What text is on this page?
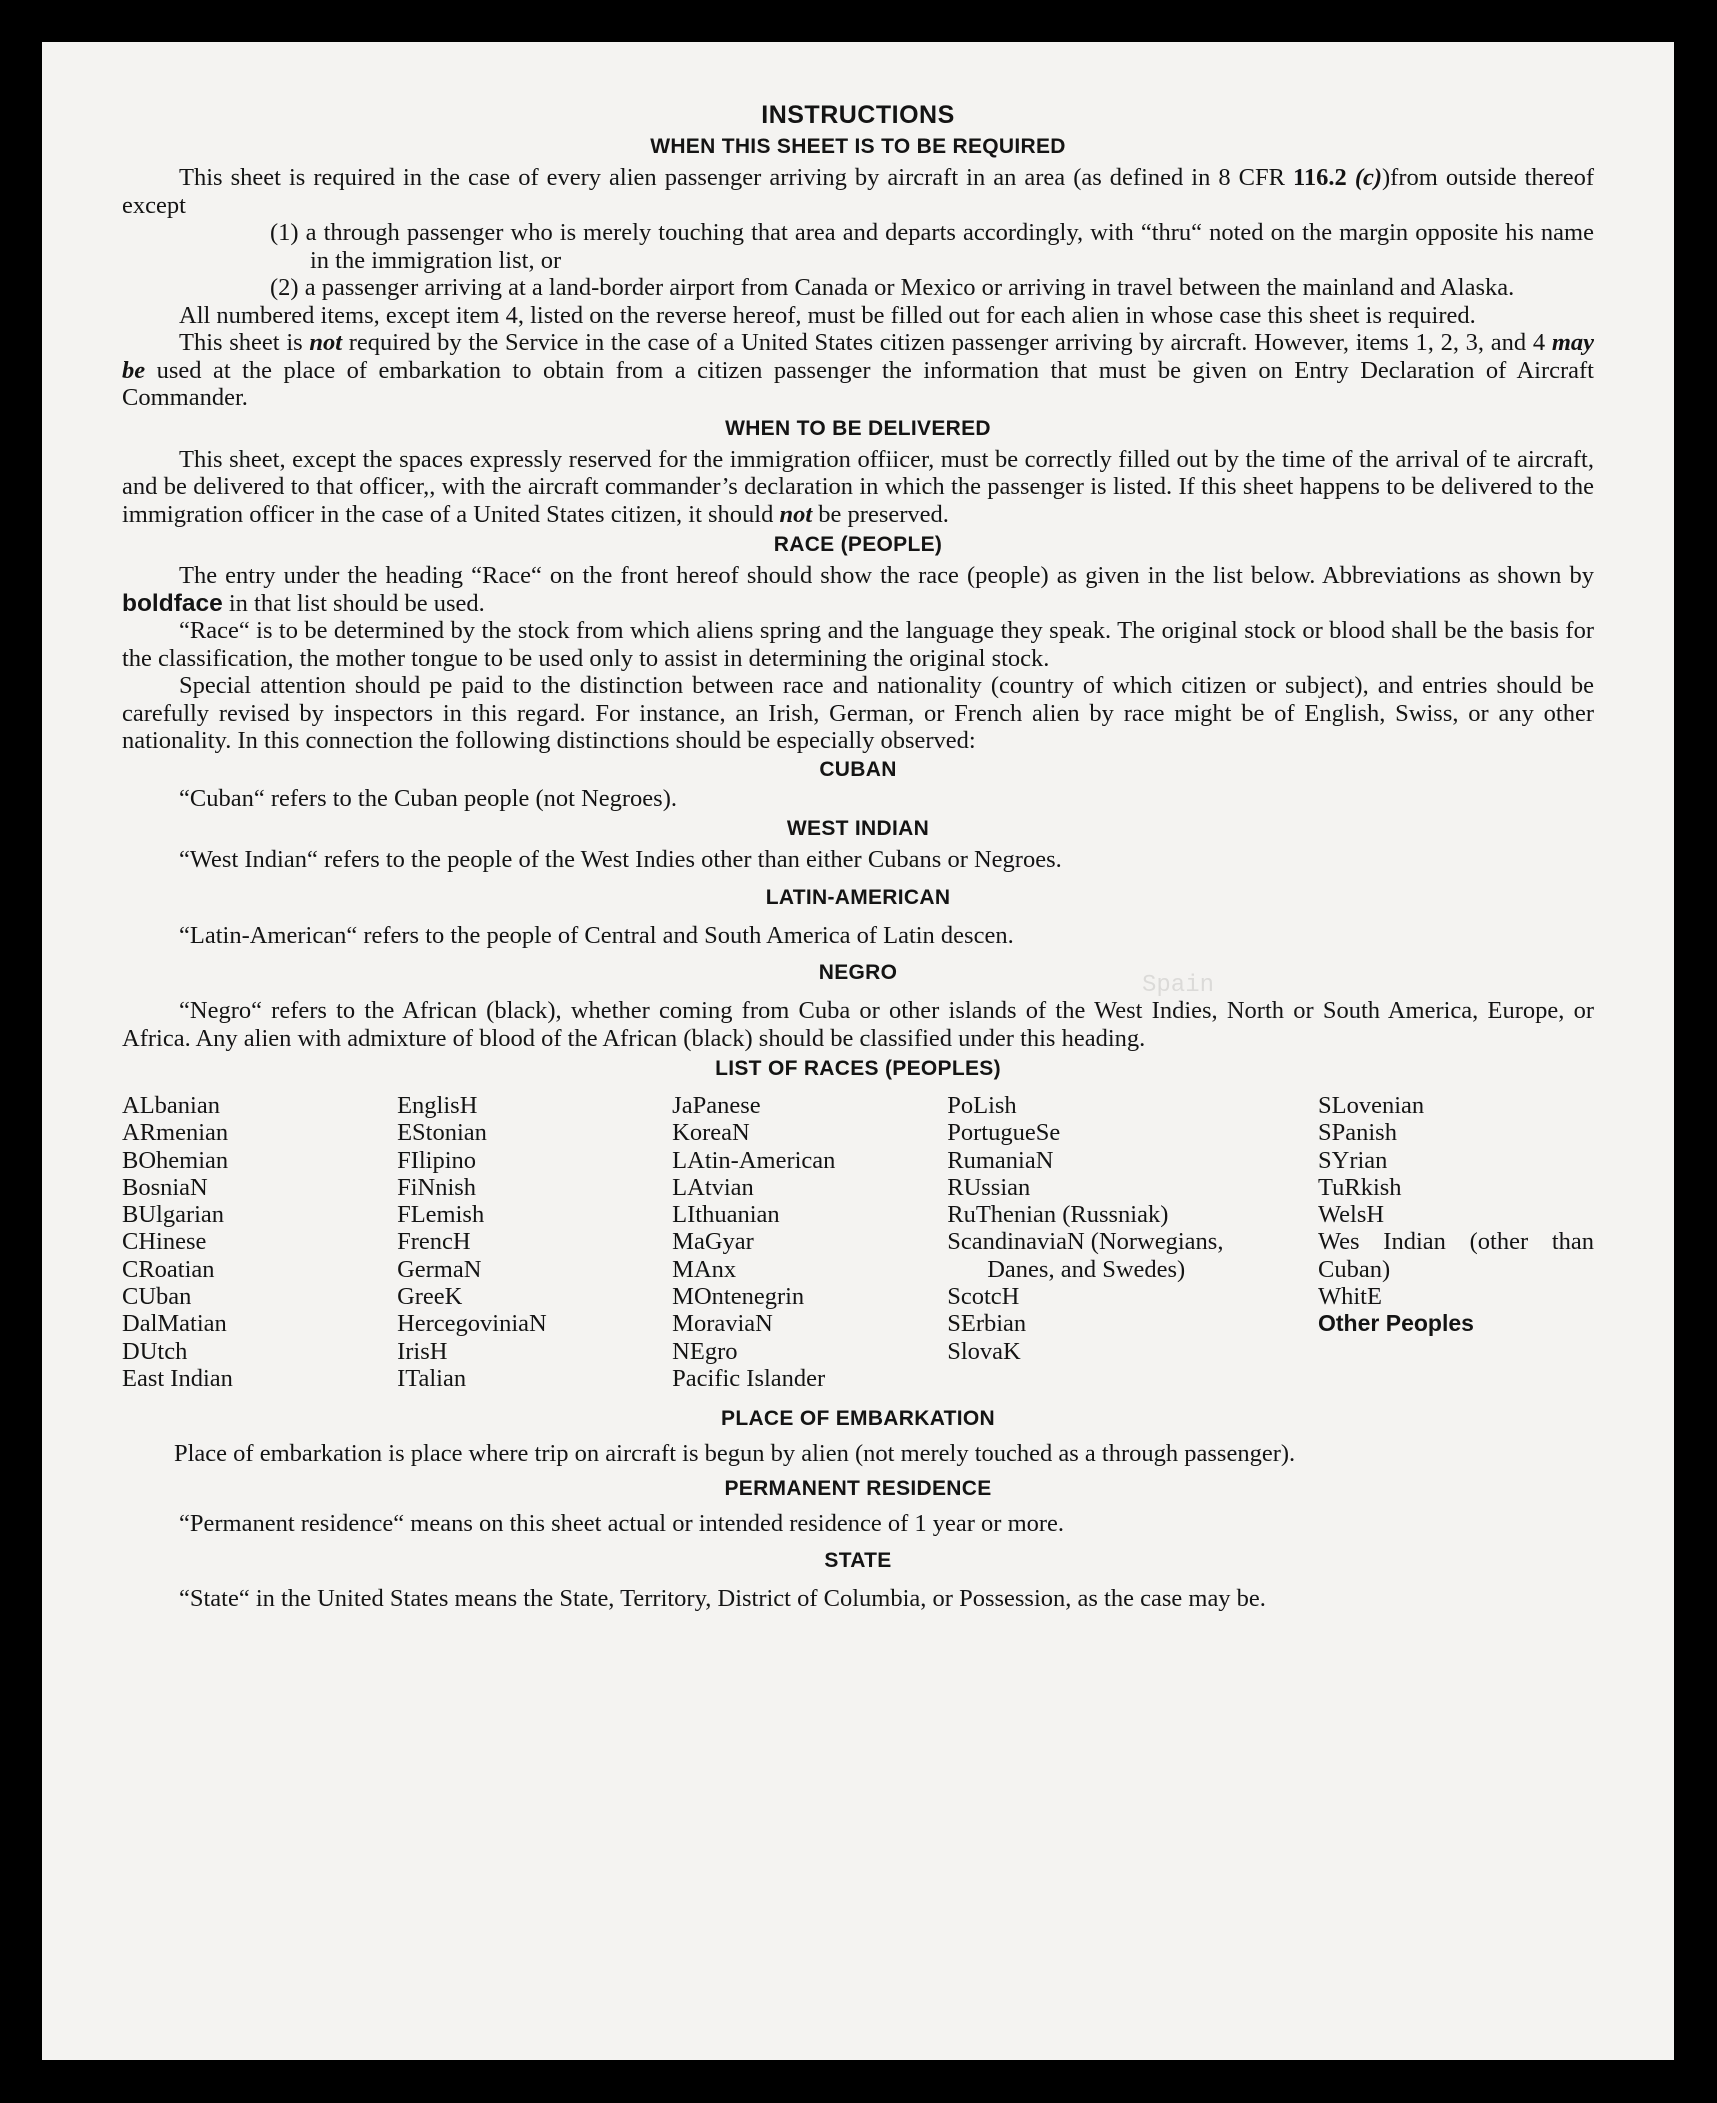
Spain
INSTRUCTIONS
WHEN THIS SHEET IS TO BE REQUIRED

This sheet is required in the case of every alien passenger arriving by aircraft in an area (as defined in 8 CFR 116.2 (c))from outside thereof except

(1) a through passenger who is merely touching that area and departs accordingly, with “thru“ noted on the margin opposite his name in the immigration list, or
(2) a passenger arriving at a land-border airport from Canada or Mexico or arriving in travel between the mainland and Alaska.

All numbered items, except item 4, listed on the reverse hereof, must be filled out for each alien in whose case this sheet is required.

This sheet is not required by the Service in the case of a United States citizen passenger arriving by aircraft. However, items 1, 2, 3, and 4 may be used at the place of embarkation to obtain from a citizen passenger the information that must be given on Entry Declaration of Aircraft Commander.

WHEN TO BE DELIVERED

This sheet, except the spaces expressly reserved for the immigration offiicer, must be correctly filled out by the time of the arrival of te aircraft, and be delivered to that officer,, with the aircraft commander’s declaration in which the passenger is listed. If this sheet happens to be delivered to the immigration officer in the case of a United States citizen, it should not be preserved.

RACE (PEOPLE)

The entry under the heading “Race“ on the front hereof should show the race (people) as given in the list below. Abbreviations as shown by boldface in that list should be used.

“Race“ is to be determined by the stock from which aliens spring and the language they speak. The original stock or blood shall be the basis for the classification, the mother tongue to be used only to assist in determining the original stock.

Special attention should pe paid to the distinction between race and nationality (country of which citizen or subject), and entries should be carefully revised by inspectors in this regard. For instance, an Irish, German, or French alien by race might be of English, Swiss, or any other nationality. In this connection the following distinctions should be especially observed:

CUBAN

“Cuban“ refers to the Cuban people (not Negroes).

WEST INDIAN

“West Indian“ refers to the people of the West Indies other than either Cubans or Negroes.

LATIN-AMERICAN

“Latin-American“ refers to the people of Central and South America of Latin descen.

NEGRO

“Negro“ refers to the African (black), whether coming from Cuba or other islands of the West Indies, North or South America, Europe, or Africa. Any alien with admixture of blood of the African (black) should be classified under this heading.

LIST OF RACES (PEOPLES)
ALbanian
ARmenian
BOhemian
BosniaN
BUlgarian
CHinese
CRoatian
CUban
DalMatian
DUtch
East Indian
EnglisH
EStonian
FIlipino
FiNnish
FLemish
FrencH
GermaN
GreeK
HercegoviniaN
IrisH
ITalian
JaPanese
KoreaN
LAtin-American
LAtvian
LIthuanian
MaGyar
MAnx
MOntenegrin
MoraviaN
NEgro
Pacific Islander
PoLish
PortugueSe
RumaniaN
RUssian
RuThenian (Russniak)
ScandinaviaN (Norwegians, Danes, and Swedes)
ScotcH
SErbian
SlovaK
SLovenian
SPanish
SYrian
TuRkish
WelsH
Wes Indian (other than Cuban)
WhitE
Other Peoples
PLACE OF EMBARKATION

Place of embarkation is place where trip on aircraft is begun by alien (not merely touched as a through passenger).

PERMANENT RESIDENCE

“Permanent residence“ means on this sheet actual or intended residence of 1 year or more.

STATE

“State“ in the United States means the State, Territory, District of Columbia, or Possession, as the case may be.
